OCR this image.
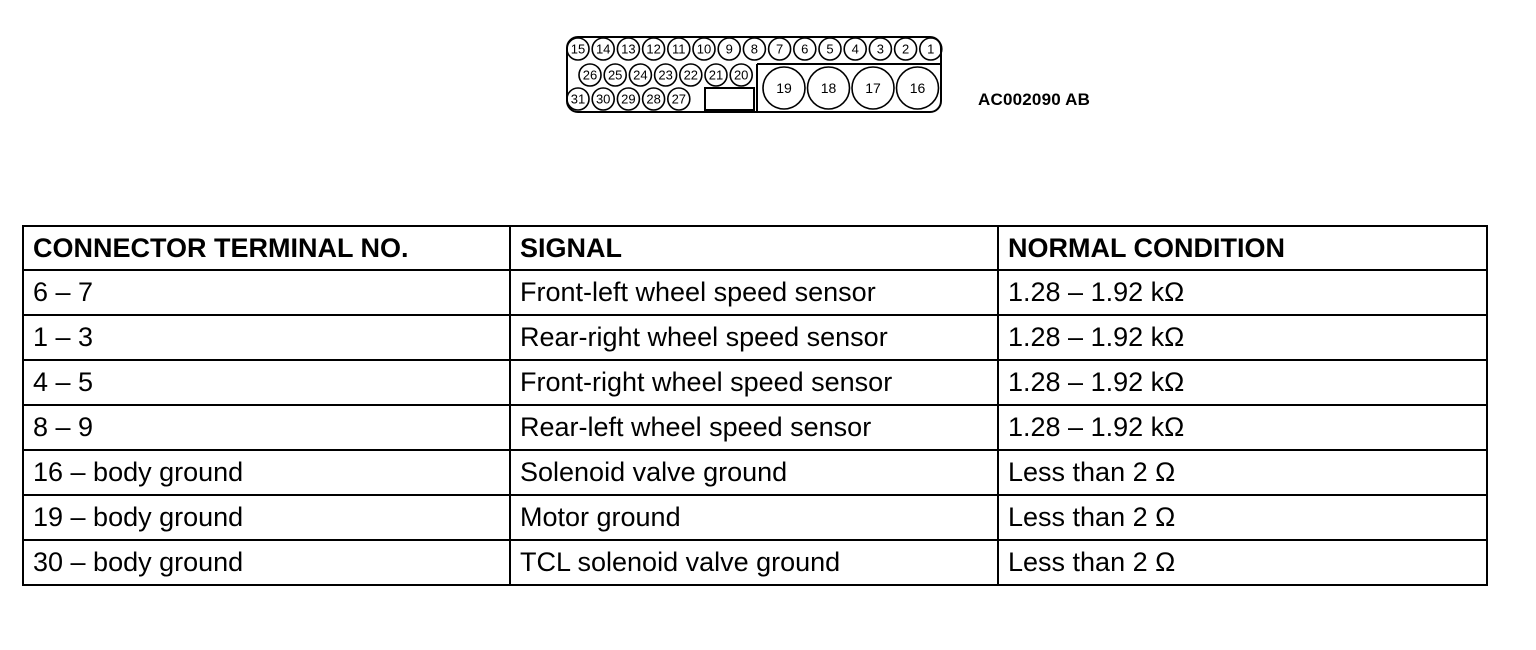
15 14 13 12 11 10 9 8 7 6 5 4 3 2 1
26 25 24 23 22 21 20
31 30 29 28 27
19 18 17 16
AC002090 AB
CONNECTOR TERMINAL NO.	SIGNAL	NORMAL CONDITION
6 – 7	Front-left wheel speed sensor	1.28 – 1.92 kΩ
1 – 3	Rear-right wheel speed sensor	1.28 – 1.92 kΩ
4 – 5	Front-right wheel speed sensor	1.28 – 1.92 kΩ
8 – 9	Rear-left wheel speed sensor	1.28 – 1.92 kΩ
16 – body ground	Solenoid valve ground	Less than 2 Ω
19 – body ground	Motor ground	Less than 2 Ω
30 – body ground	TCL solenoid valve ground	Less than 2 Ω
